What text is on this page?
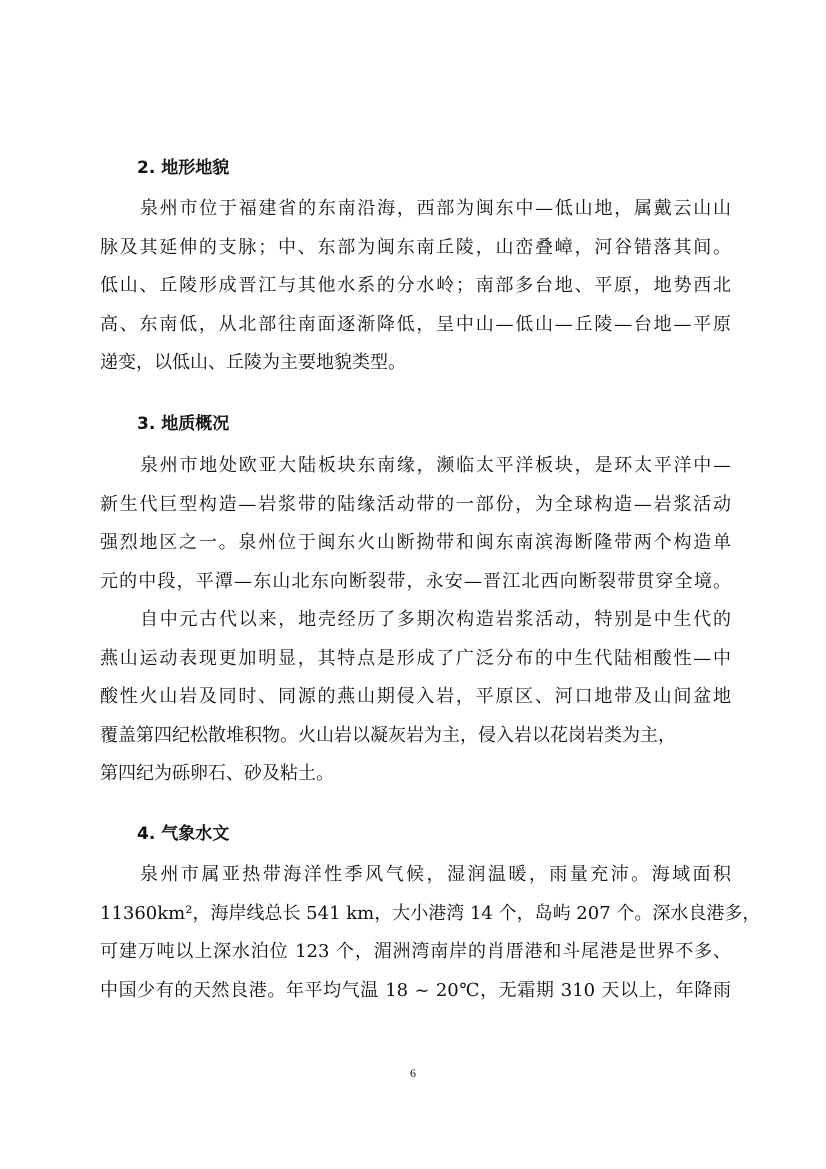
2. 地形地貌
泉州市位于福建省的东南沿海，西部为闽东中—低山地，属戴云山山
脉及其延伸的支脉；中、东部为闽东南丘陵，山峦叠嶂，河谷错落其间。
低山、丘陵形成晋江与其他水系的分水岭；南部多台地、平原，地势西北
高、东南低，从北部往南面逐渐降低，呈中山—低山—丘陵—台地—平原
递变，以低山、丘陵为主要地貌类型。
3. 地质概况
泉州市地处欧亚大陆板块东南缘，濒临太平洋板块，是环太平洋中—
新生代巨型构造—岩浆带的陆缘活动带的一部份，为全球构造—岩浆活动
强烈地区之一。泉州位于闽东火山断拗带和闽东南滨海断隆带两个构造单
元的中段，平潭—东山北东向断裂带，永安—晋江北西向断裂带贯穿全境。
自中元古代以来，地壳经历了多期次构造岩浆活动，特别是中生代的
燕山运动表现更加明显，其特点是形成了广泛分布的中生代陆相酸性—中
酸性火山岩及同时、同源的燕山期侵入岩，平原区、河口地带及山间盆地
覆盖第四纪松散堆积物。火山岩以凝灰岩为主，侵入岩以花岗岩类为主，
第四纪为砾卵石、砂及粘土。
4. 气象水文
泉州市属亚热带海洋性季风气候，湿润温暖，雨量充沛。海域面积
11360km²，海岸线总长 541 km，大小港湾 14 个，岛屿 207 个。深水良港多，
可建万吨以上深水泊位 123 个，湄洲湾南岸的肖厝港和斗尾港是世界不多、
中国少有的天然良港。年平均气温 18 ~ 20℃，无霜期 310 天以上，年降雨
6
